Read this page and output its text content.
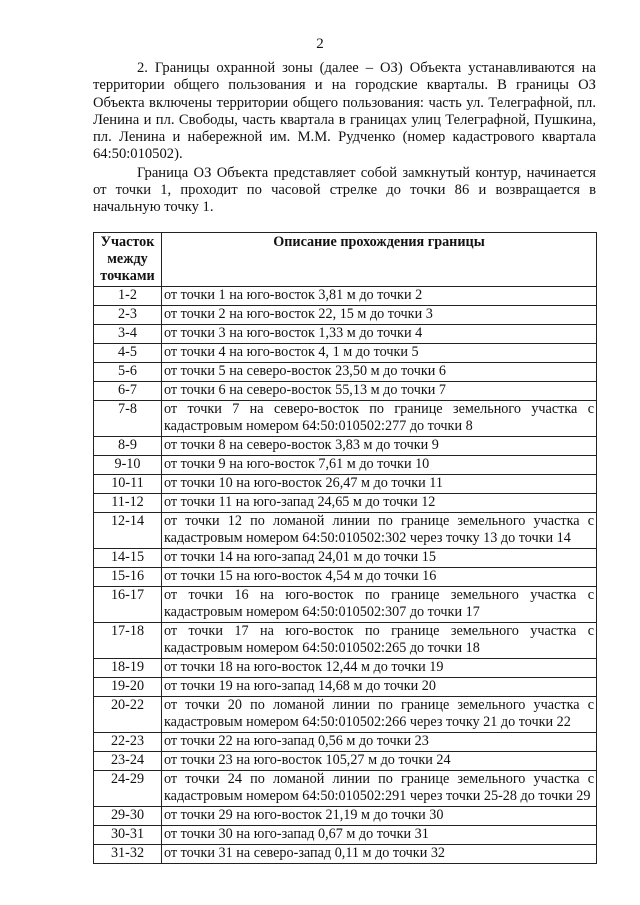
2

2. Границы охранной зоны (далее – ОЗ) Объекта устанавливаются на территории общего пользования и на городские кварталы. В границы ОЗ Объекта включены территории общего пользования: часть ул. Телеграфной, пл. Ленина и пл. Свободы, часть квартала в границах улиц Телеграфной, Пушкина, пл. Ленина и набережной им. М.М. Рудченко (номер кадастрового квартала 64:50:010502).

Граница ОЗ Объекта представляет собой замкнутый контур, начинается от точки 1, проходит по часовой стрелке до точки 86 и возвращается в начальную точку 1.

Участок между точками	Описание прохождения границы
1-2	от точки 1 на юго-восток 3,81 м до точки 2
2-3	от точки 2 на юго-восток 22, 15 м до точки 3
3-4	от точки 3 на юго-восток 1,33 м до точки 4
4-5	от точки 4 на юго-восток 4, 1 м до точки 5
5-6	от точки 5 на северо-восток 23,50 м до точки 6
6-7	от точки 6 на северо-восток 55,13 м до точки 7
7-8	от точки 7 на северо-восток по границе земельного участка с кадастровым номером 64:50:010502:277 до точки 8
8-9	от точки 8 на северо-восток 3,83 м до точки 9
9-10	от точки 9 на юго-восток 7,61 м до точки 10
10-11	от точки 10 на юго-восток 26,47 м до точки 11
11-12	от точки 11 на юго-запад 24,65 м до точки 12
12-14	от точки 12 по ломаной линии по границе земельного участка с кадастровым номером 64:50:010502:302 через точку 13 до точки 14
14-15	от точки 14 на юго-запад 24,01 м до точки 15
15-16	от точки 15 на юго-восток 4,54 м до точки 16
16-17	от точки 16 на юго-восток по границе земельного участка с кадастровым номером 64:50:010502:307 до точки 17
17-18	от точки 17 на юго-восток по границе земельного участка с кадастровым номером 64:50:010502:265 до точки 18
18-19	от точки 18 на юго-восток 12,44 м до точки 19
19-20	от точки 19 на юго-запад 14,68 м до точки 20
20-22	от точки 20 по ломаной линии по границе земельного участка с кадастровым номером 64:50:010502:266 через точку 21 до точки 22
22-23	от точки 22 на юго-запад 0,56 м до точки 23
23-24	от точки 23 на юго-восток 105,27 м до точки 24
24-29	от точки 24 по ломаной линии по границе земельного участка с кадастровым номером 64:50:010502:291 через точки 25-28 до точки 29
29-30	от точки 29 на юго-восток 21,19 м до точки 30
30-31	от точки 30 на юго-запад 0,67 м до точки 31
31-32	от точки 31 на северо-запад 0,11 м до точки 32
